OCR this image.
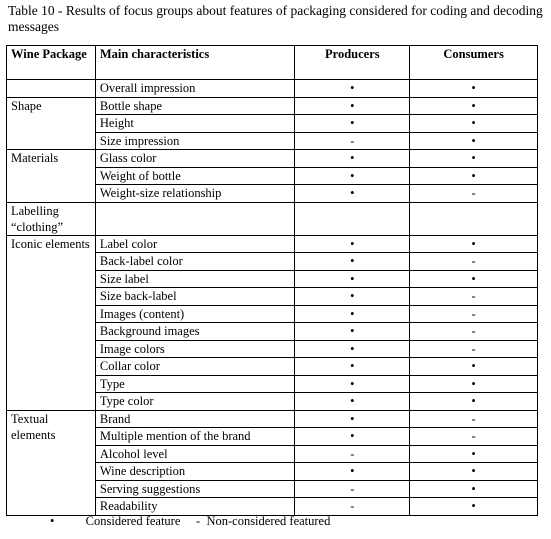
Table 10 - Results of focus groups about features of packaging considered for coding and decoding messages
Wine Package	Main characteristics	Producers	Consumers
	Overall impression	•	•
Shape	Bottle shape	•	•
	Height	•	•
	Size impression	-	•
Materials	Glass color	•	•
	Weight of bottle	•	•
	Weight-size relationship	•	-
Labelling “clothing”			
Iconic elements	Label color	•	•
	Back-label color	•	-
	Size label	•	•
	Size back-label	•	-
	Images (content)	•	-
	Background images	•	-
	Image colors	•	-
	Collar color	•	•
	Type	•	•
	Type color	•	•
Textual elements	Brand	•	-
	Multiple mention of the brand	•	-
	Alcohol level	-	•
	Wine description	•	•
	Serving suggestions	-	•
	Readability	-	•
•	Considered feature - Non-considered featured
